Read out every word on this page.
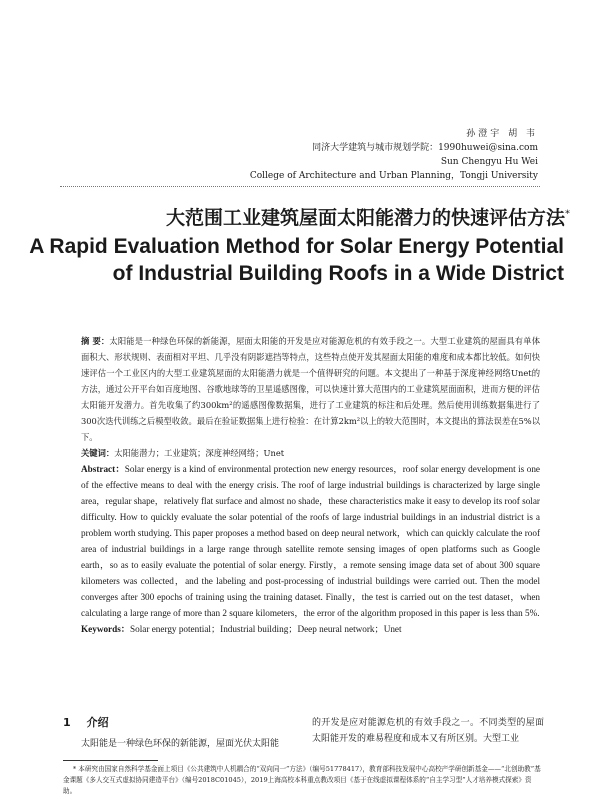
孙澄宇 胡 韦
同济大学建筑与城市规划学院：1990huwei@sina.com
Sun Chengyu Hu Wei
College of Architecture and Urban Planning，Tongji University
大范围工业建筑屋面太阳能潜力的快速评估方法*
A Rapid Evaluation Method for Solar Energy Potential
of Industrial Building Roofs in a Wide District

摘 要：太阳能是一种绿色环保的新能源，屋面太阳能的开发是应对能源危机的有效手段之一。大型工业建筑的屋面具有单体面积大、形状规则、表面相对平坦、几乎没有阴影遮挡等特点，这些特点使开发其屋面太阳能的难度和成本都比较低。如何快速评估一个工业区内的大型工业建筑屋面的太阳能潜力就是一个值得研究的问题。本文提出了一种基于深度神经网络Unet的方法，通过公开平台如百度地图、谷歌地球等的卫星遥感图像，可以快速计算大范围内的工业建筑屋面面积，进而方便的评估太阳能开发潜力。首先收集了约300km²的遥感图像数据集，进行了工业建筑的标注和后处理。然后使用训练数据集进行了300次迭代训练之后模型收敛。最后在验证数据集上进行检验：在计算2km²以上的较大范围时，本文提出的算法误差在5%以下。

关键词：太阳能潜力；工业建筑；深度神经网络；Unet

Abstract：Solar energy is a kind of environmental protection new energy resources，roof solar energy development is one of the effective means to deal with the energy crisis. The roof of large industrial buildings is characterized by large single area，regular shape，relatively flat surface and almost no shade，these characteristics make it easy to develop its roof solar difficulty. How to quickly evaluate the solar potential of the roofs of large industrial buildings in an industrial district is a problem worth studying. This paper proposes a method based on deep neural network，which can quickly calculate the roof area of industrial buildings in a large range through satellite remote sensing images of open platforms such as Google earth，so as to easily evaluate the potential of solar energy. Firstly，a remote sensing image data set of about 300 square kilometers was collected，and the labeling and post-processing of industrial buildings were carried out. Then the model converges after 300 epochs of training using the training dataset. Finally，the test is carried out on the test dataset，when calculating a large range of more than 2 square kilometers，the error of the algorithm proposed in this paper is less than 5%.

Keywords：Solar energy potential；Industrial building；Deep neural network；Unet

1 介绍

太阳能是一种绿色环保的新能源，屋面光伏太阳能

的开发是应对能源危机的有效手段之一。不同类型的屋面太阳能开发的难易程度和成本又有所区别。大型工业

* 本研究由国家自然科学基金面上项目《公共建筑中人机耦合的“双向同一”方法》（编号51778417），教育部科技发展中心高校产学研创新基金——“北创助教”基金课题《多人交互式虚拟协同建造平台》（编号2018C01045），2019上海高校本科重点教改项目《基于在线虚拟课程体系的“自主学习型”人才培养模式探索》资助。
